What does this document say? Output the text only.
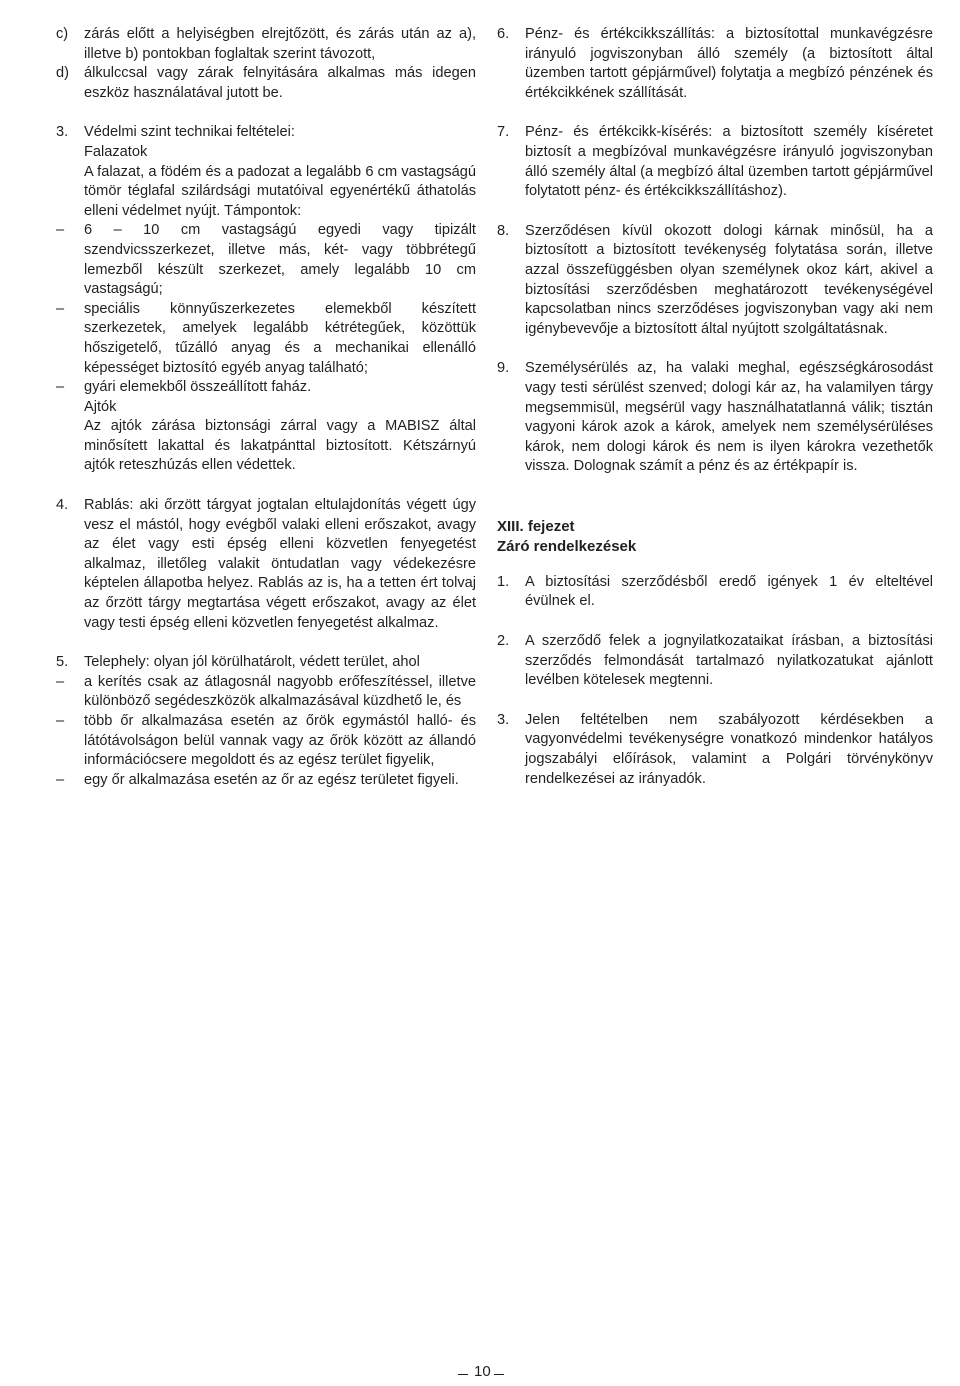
c)	zárás előtt a helyiségben elrejtőzött, és zárás után az a), illetve b) pontokban foglaltak szerint távozott,
d)	álkulccsal vagy zárak felnyitására alkalmas más idegen eszköz használatával jutott be.
3.	Védelmi szint technikai feltételei:
Falazatok
A falazat, a födém és a padozat a legalább 6 cm vastagságú tömör téglafal szilárdsági mutatóival egyenértékű áthatolás elleni védelmet nyújt. Támpontok:
–	6 – 10 cm vastagságú egyedi vagy tipizált szendvicsszerkezet, illetve más, két- vagy többrétegű lemezből készült szerkezet, amely legalább 10 cm vastagságú;
–	speciális könnyűszerkezetes elemekből készített szerkezetek, amelyek legalább kétrétegűek, közöttük hőszigetelő, tűzálló anyag és a mechanikai ellenálló képességet biztosító egyéb anyag található;
–	gyári elemekből összeállított faház.
Ajtók
Az ajtók zárása biztonsági zárral vagy a MABISZ által minősített lakattal és lakatpánttal biztosított. Kétszárnyú ajtók reteszhúzás ellen védettek.
4.	Rablás: aki őrzött tárgyat jogtalan eltulajdonítás végett úgy vesz el mástól, hogy evégből valaki elleni erőszakot, avagy az élet vagy esti épség elleni közvetlen fenyegetést alkalmaz, illetőleg valakit öntudatlan vagy védekezésre képtelen állapotba helyez. Rablás az is, ha a tetten ért tolvaj az őrzött tárgy megtartása végett erőszakot, avagy az élet vagy testi épség elleni közvetlen fenyegetést alkalmaz.
5.	Telephely: olyan jól körülhatárolt, védett terület, ahol
–	a kerítés csak az átlagosnál nagyobb erőfeszítéssel, illetve különböző segédeszközök alkalmazásával küzdhető le, és
–	több őr alkalmazása esetén az őrök egymástól halló- és látótávolságon belül vannak vagy az őrök között az állandó információcsere megoldott és az egész terület figyelik,
–	egy őr alkalmazása esetén az őr az egész területet figyeli.
6.	Pénz- és értékcikkszállítás: a biztosítottal munkavégzésre irányuló jogviszonyban álló személy (a biztosított által üzemben tartott gépjárművel) folytatja a megbízó pénzének és értékcikkének szállítását.
7.	Pénz- és értékcikk-kísérés: a biztosított személy kíséretet biztosít a megbízóval munkavégzésre irányuló jogviszonyban álló személy által (a megbízó által üzemben tartott gépjárművel folytatott pénz- és értékcikkszállításhoz).
8.	Szerződésen kívül okozott dologi kárnak minősül, ha a biztosított a biztosított tevékenység folytatása során, illetve azzal összefüggésben olyan személynek okoz kárt, akivel a biztosítási szerződésben meghatározott tevékenységével kapcsolatban nincs szerződéses jogviszonyban vagy aki nem igénybevevője a biztosított által nyújtott szolgáltatásnak.
9.	Személysérülés az, ha valaki meghal, egészségkárosodást vagy testi sérülést szenved; dologi kár az, ha valamilyen tárgy megsemmisül, megsérül vagy használhatatlanná válik; tisztán vagyoni károk azok a károk, amelyek nem személysérüléses károk, nem dologi károk és nem is ilyen károkra vezethetők vissza. Dolognak számít a pénz és az értékpapír is.
XIII. fejezet
Záró rendelkezések
1.	A biztosítási szerződésből eredő igények 1 év elteltével évülnek el.
2.	A szerződő felek a jognyilatkozataikat írásban, a biztosítási szerződés felmondását tartalmazó nyilatkozatukat ajánlott levélben kötelesek megtenni.
3.	Jelen feltételben nem szabályozott kérdésekben a vagyonvédelmi tevékenységre vonatkozó mindenkor hatályos jogszabályi előírások, valamint a Polgári törvénykönyv rendelkezései az irányadók.
10
